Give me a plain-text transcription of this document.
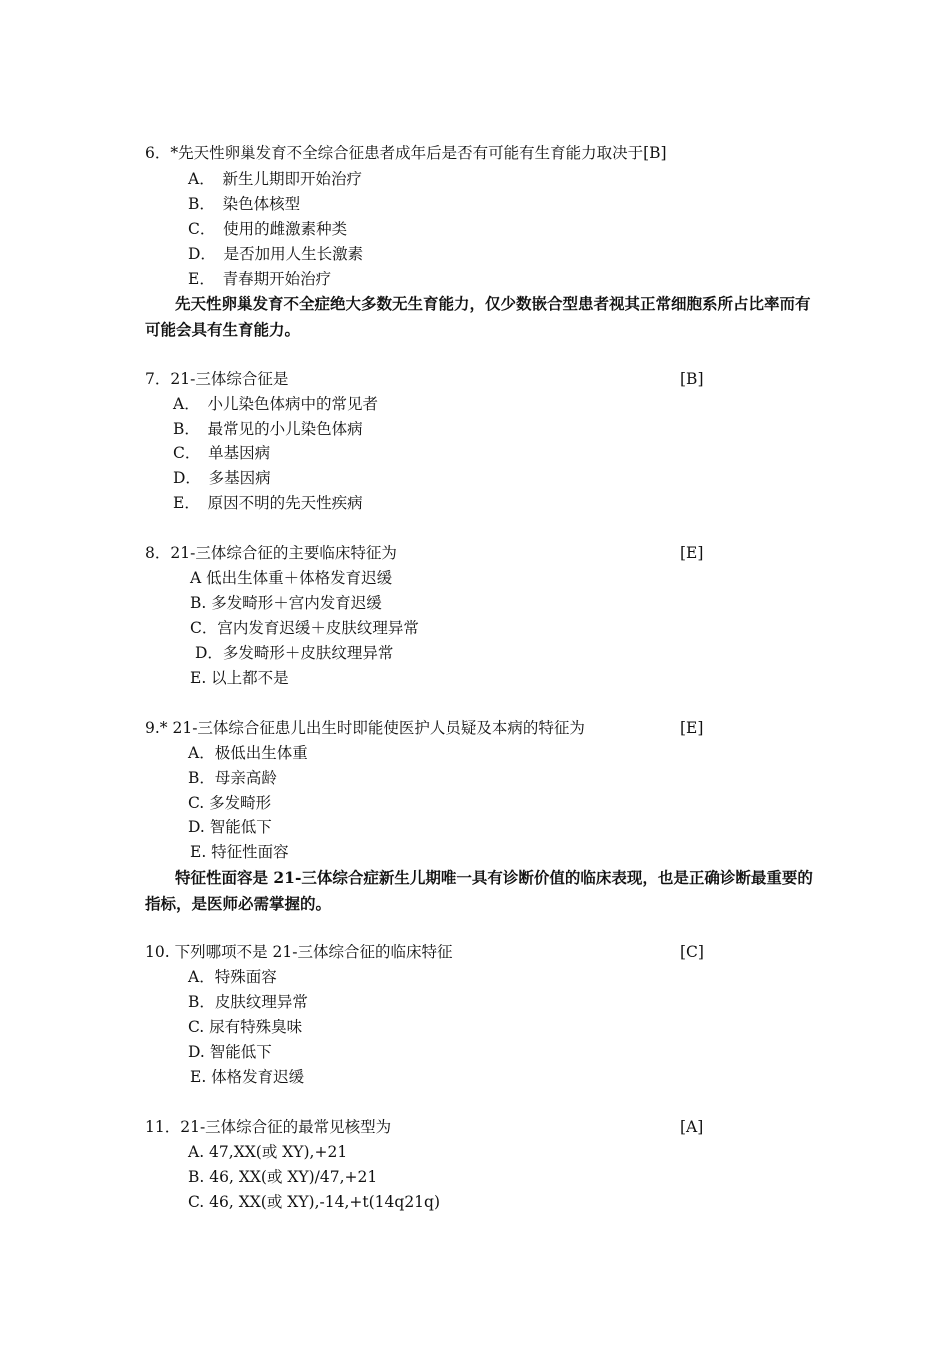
6．*先天性卵巢发育不全综合征患者成年后是否有可能有生育能力取决于[B]
A．　新生儿期即开始治疗
B．　染色体核型
C．　使用的雌激素种类
D．　是否加用人生长激素
E．　青春期开始治疗
先天性卵巢发育不全症绝大多数无生育能力，仅少数嵌合型患者视其正常细胞系所占比率而有可能会具有生育能力。
7．21-三体综合征是	[B]
A．　小儿染色体病中的常见者
B．　最常见的小儿染色体病
C．　单基因病
D．　多基因病
E．　原因不明的先天性疾病
8．21-三体综合征的主要临床特征为	[E]
A 低出生体重＋体格发育迟缓
B. 多发畸形＋宫内发育迟缓
C．宫内发育迟缓＋皮肤纹理异常
D．多发畸形＋皮肤纹理异常
E. 以上都不是
9.* 21-三体综合征患儿出生时即能使医护人员疑及本病的特征为	[E]
A．极低出生体重
B．母亲高龄
C. 多发畸形
D. 智能低下
E. 特征性面容
特征性面容是 21-三体综合症新生儿期唯一具有诊断价值的临床表现，也是正确诊断最重要的指标，是医师必需掌握的。
10. 下列哪项不是 21-三体综合征的临床特征	[C]
A．特殊面容
B．皮肤纹理异常
C. 尿有特殊臭味
D. 智能低下
E. 体格发育迟缓
11．21-三体综合征的最常见核型为	[A]
A. 47,XX(或 XY),+21
B. 46, XX(或 XY)/47,+21
C. 46, XX(或 XY),-14,+t(14q21q)
